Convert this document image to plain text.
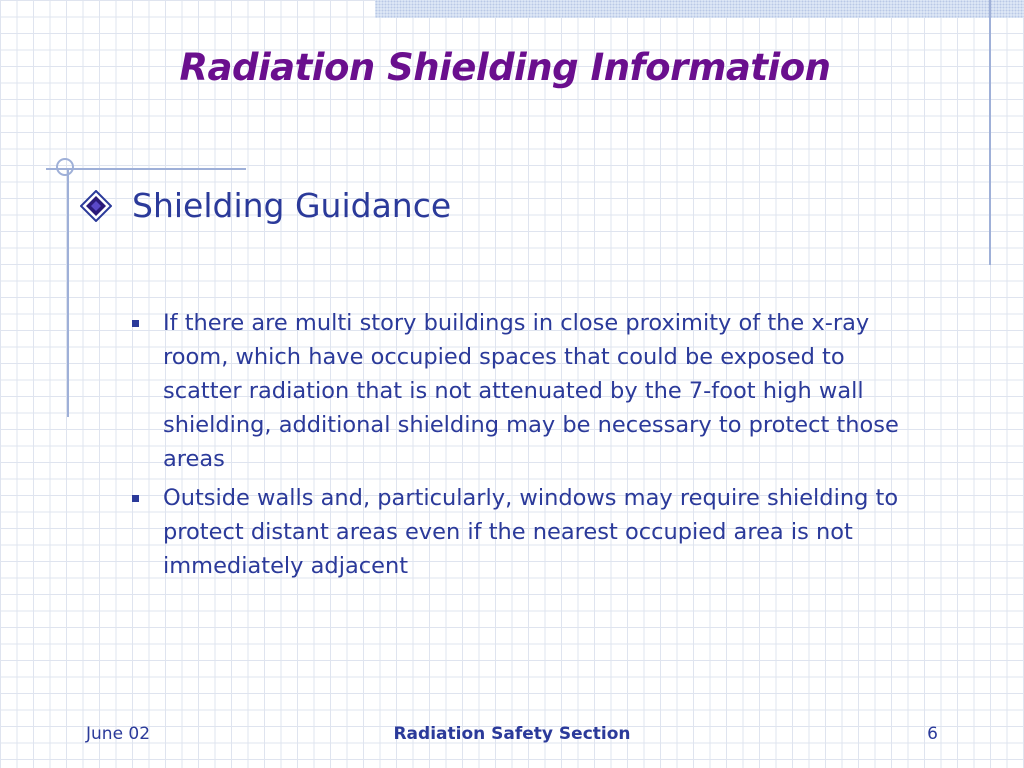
Radiation Shielding Information
Shielding Guidance
If there are multi story buildings in close proximity of the x-ray room, which have occupied spaces that could be exposed to scatter radiation that is not attenuated by the 7-foot high wall shielding, additional shielding may be necessary to protect those areas
Outside walls and, particularly, windows may require shielding to protect distant areas even if the nearest occupied area is not immediately adjacent
June 02	Radiation Safety Section	6
